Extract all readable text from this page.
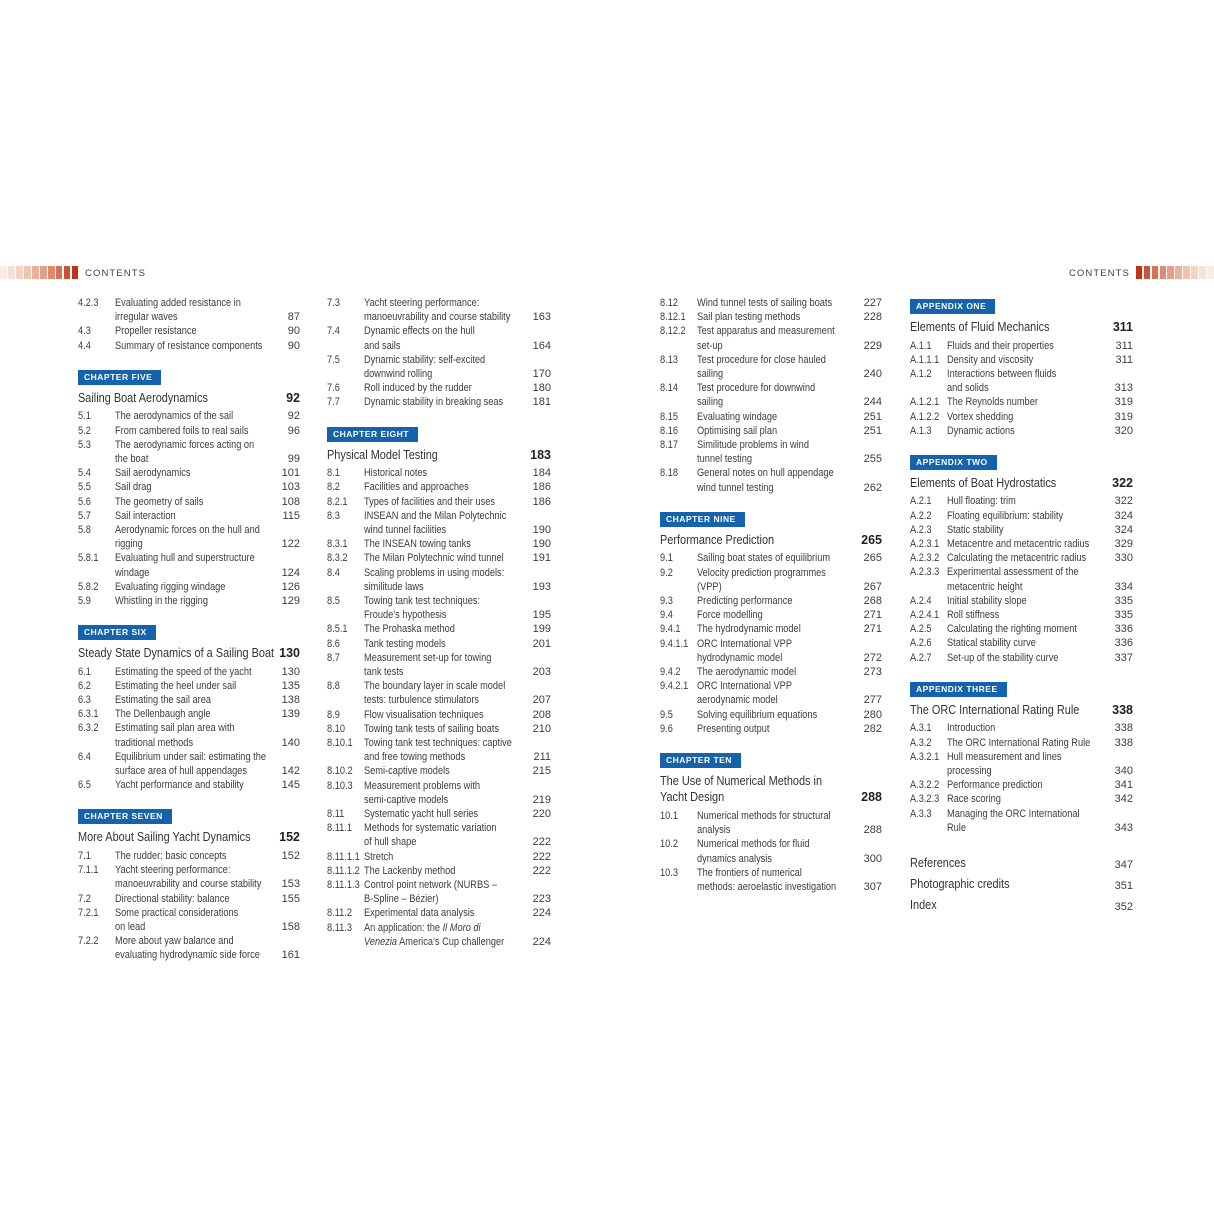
CONTENTS	CONTENTS
4.2.3	Evaluating added resistance in
irregular waves	87
4.3	Propeller resistance	90
4.4	Summary of resistance components	90
CHAPTER FIVE
Sailing Boat Aerodynamics	92
5.1	The aerodynamics of the sail	92
5.2	From cambered foils to real sails	96
5.3	The aerodynamic forces acting on
the boat	99
5.4	Sail aerodynamics	101
5.5	Sail drag	103
5.6	The geometry of sails	108
5.7	Sail interaction	115
5.8	Aerodynamic forces on the hull and
rigging	122
5.8.1	Evaluating hull and superstructure
windage	124
5.8.2	Evaluating rigging windage	126
5.9	Whistling in the rigging	129
CHAPTER SIX
Steady State Dynamics of a Sailing Boat 130
6.1	Estimating the speed of the yacht	130
6.2	Estimating the heel under sail	135
6.3	Estimating the sail area	138
6.3.1	The Dellenbaugh angle	139
6.3.2	Estimating sail plan area with
traditional methods	140
6.4	Equilibrium under sail: estimating the
surface area of hull appendages	142
6.5	Yacht performance and stability	145
CHAPTER SEVEN
More About Sailing Yacht Dynamics	152
7.1	The rudder: basic concepts	152
7.1.1	Yacht steering performance:
manoeuvrability and course stability	153
7.2	Directional stability: balance	155
7.2.1	Some practical considerations
on lead	158
7.2.2	More about yaw balance and
evaluating hydrodynamic side force	161
7.3	Yacht steering performance:
manoeuvrability and course stability	163
7.4	Dynamic effects on the hull
and sails	164
7.5	Dynamic stability: self-excited
downwind rolling	170
7.6	Roll induced by the rudder	180
7.7	Dynamic stability in breaking seas	181
CHAPTER EIGHT
Physical Model Testing	183
8.1	Historical notes	184
8.2	Facilities and approaches	186
8.2.1	Types of facilities and their uses	186
8.3	INSEAN and the Milan Polytechnic
wind tunnel facilities	190
8.3.1	The INSEAN towing tanks	190
8.3.2	The Milan Polytechnic wind tunnel	191
8.4	Scaling problems in using models:
similitude laws	193
8.5	Towing tank test techniques:
Froude’s hypothesis	195
8.5.1	The Prohaska method	199
8.6	Tank testing models	201
8.7	Measurement set-up for towing
tank tests	203
8.8	The boundary layer in scale model
tests: turbulence stimulators	207
8.9	Flow visualisation techniques	208
8.10	Towing tank tests of sailing boats	210
8.10.1	Towing tank test techniques: captive
and free towing methods	211
8.10.2	Semi-captive models	215
8.10.3	Measurement problems with
semi-captive models	219
8.11	Systematic yacht hull series	220
8.11.1	Methods for systematic variation
of hull shape	222
8.11.1.1 Stretch	222
8.11.1.2 The Lackenby method	222
8.11.1.3 Control point network (NURBS –
B-Spline – Bézier)	223
8.11.2	Experimental data analysis	224
8.11.3	An application: the Il Moro di
Venezia America’s Cup challenger	224
8.12	Wind tunnel tests of sailing boats	227
8.12.1	Sail plan testing methods	228
8.12.2	Test apparatus and measurement
set-up	229
8.13	Test procedure for close hauled
sailing	240
8.14	Test procedure for downwind
sailing	244
8.15	Evaluating windage	251
8.16	Optimising sail plan	251
8.17	Similitude problems in wind
tunnel testing	255
8.18	General notes on hull appendage
wind tunnel testing	262
CHAPTER NINE
Performance Prediction	265
9.1	Sailing boat states of equilibrium	265
9.2	Velocity prediction programmes
(VPP)	267
9.3	Predicting performance	268
9.4	Force modelling	271
9.4.1	The hydrodynamic model	271
9.4.1.1 ORC International VPP
hydrodynamic model	272
9.4.2	The aerodynamic model	273
9.4.2.1 ORC International VPP
aerodynamic model	277
9.5	Solving equilibrium equations	280
9.6	Presenting output	282
CHAPTER TEN
The Use of Numerical Methods in
Yacht Design	288
10.1	Numerical methods for structural
analysis	288
10.2	Numerical methods for fluid
dynamics analysis	300
10.3	The frontiers of numerical
methods: aeroelastic investigation	307
APPENDIX ONE
Elements of Fluid Mechanics	311
A.1.1	Fluids and their properties	311
A.1.1.1 Density and viscosity	311
A.1.2	Interactions between fluids
and solids	313
A.1.2.1 The Reynolds number	319
A.1.2.2 Vortex shedding	319
A.1.3	Dynamic actions	320
APPENDIX TWO
Elements of Boat Hydrostatics	322
A.2.1	Hull floating: trim	322
A.2.2	Floating equilibrium: stability	324
A.2.3	Static stability	324
A.2.3.1 Metacentre and metacentric radius	329
A.2.3.2 Calculating the metacentric radius	330
A.2.3.3 Experimental assessment of the
metacentric height	334
A.2.4	Initial stability slope	335
A.2.4.1 Roll stiffness	335
A.2.5	Calculating the righting moment	336
A.2.6	Statical stability curve	336
A.2.7	Set-up of the stability curve	337
APPENDIX THREE
The ORC International Rating Rule	338
A.3.1	Introduction	338
A.3.2	The ORC International Rating Rule	338
A.3.2.1 Hull measurement and lines
processing	340
A.3.2.2 Performance prediction	341
A.3.2.3 Race scoring	342
A.3.3	Managing the ORC International
Rule	343
References	347
Photographic credits	351
Index	352
